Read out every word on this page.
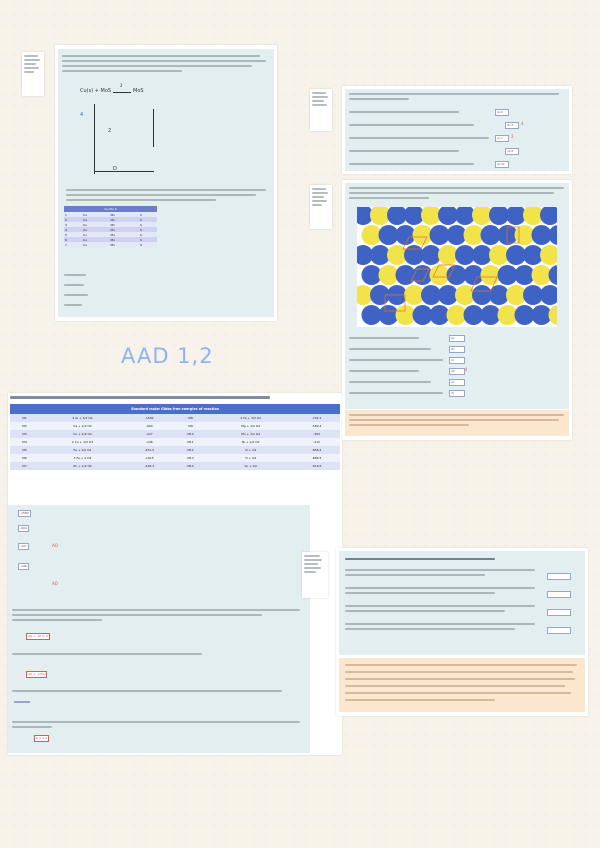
Cu(s) + MoS	MoS
2
4
2
D
Cu-Mo-S
1	Cu	Mo	S
2	Cu	Mo	S
3	Cu	Mo	S
4	Cu	Mo	S
5	Cu	Mo	S
6	Cu	Mo	S
7	Cu	Mo	S
AAD 1,2
Standard molar Gibbs free energies of reaction					
M1	2 Al + 3/2 O2	-1582	M8	2 Fe + 3/2 O2	-742.2
M2	Ca + 1/2 O2	-604	M9	Mg + 1/2 O2	-569.4
M3	Cu + 1/2 O2	-127	M10	Mn + 1/2 O2	-363
M4	2 Cu + 1/2 O2	-146	M11	Ni + 1/2 O2	-212
M5	Fe + 1/2 O2	-251.5	M12	Si + O2	-856.4
M6	3 Fe + 2 O2	-1015	M13	Ti + O2	-889.5
M7	Zn + 1/2 O2	-318.3	M14	Sn + O2	-519.6
-1582
-604
-127	AO
-146
AO
AG = -RT ln K
AG = -2(Fe)
K = 1.2
(a) 6
(b) 4	4
(c) 2	2
(d) 8
(e) 12
(a)
(b)
(c)
(d)	4
(e)
(f)
